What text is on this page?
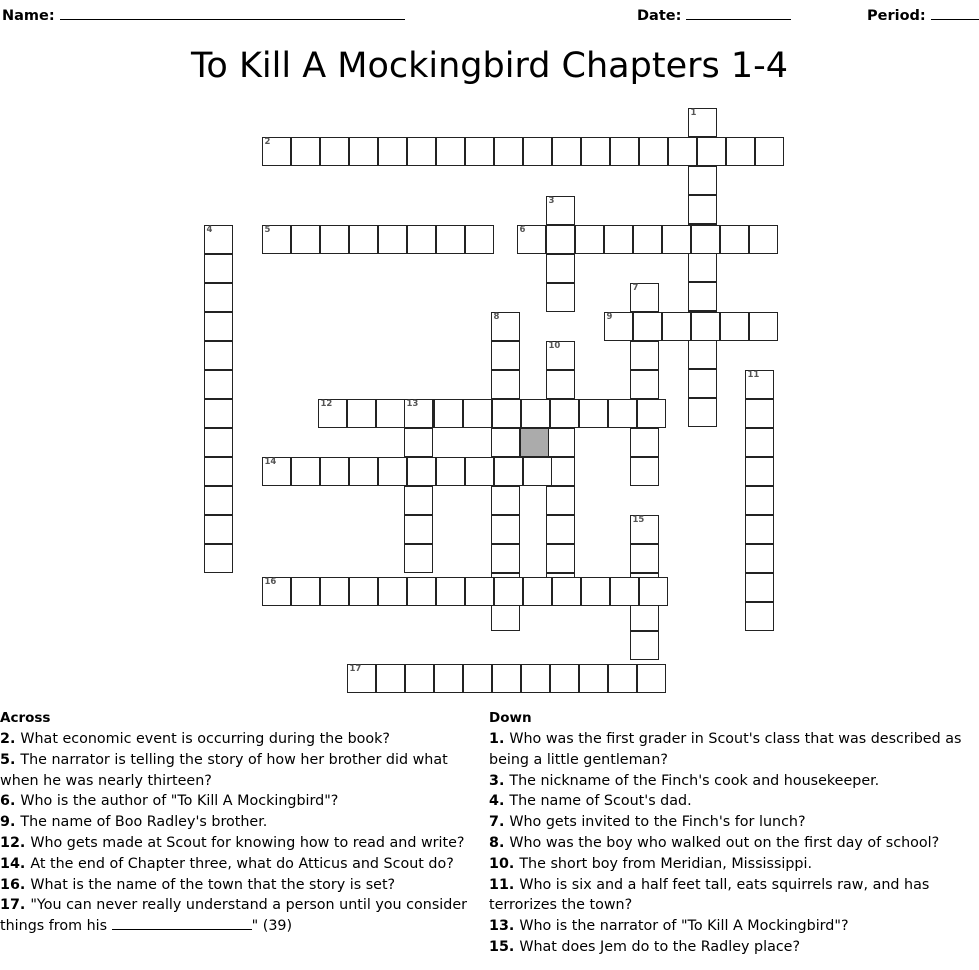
Name:	Date:	Period:
To Kill A Mockingbird Chapters 1-4
1
2
3
4	5	6
7
8	9
10
11
12	13
14
15
16
17
Across
2. What economic event is occurring during the book?
5. The narrator is telling the story of how her brother did what when he was nearly thirteen?
6. Who is the author of "To Kill A Mockingbird"?
9. The name of Boo Radley's brother.
12. Who gets made at Scout for knowing how to read and write?
14. At the end of Chapter three, what do Atticus and Scout do?
16. What is the name of the town that the story is set?
17. "You can never really understand a person until you consider things from his	" (39)
Down
1. Who was the first grader in Scout's class that was described as being a little gentleman?
3. The nickname of the Finch's cook and housekeeper.
4. The name of Scout's dad.
7. Who gets invited to the Finch's for lunch?
8. Who was the boy who walked out on the first day of school?
10. The short boy from Meridian, Mississippi.
11. Who is six and a half feet tall, eats squirrels raw, and has terrorizes the town?
13. Who is the narrator of "To Kill A Mockingbird"?
15. What does Jem do to the Radley place?
